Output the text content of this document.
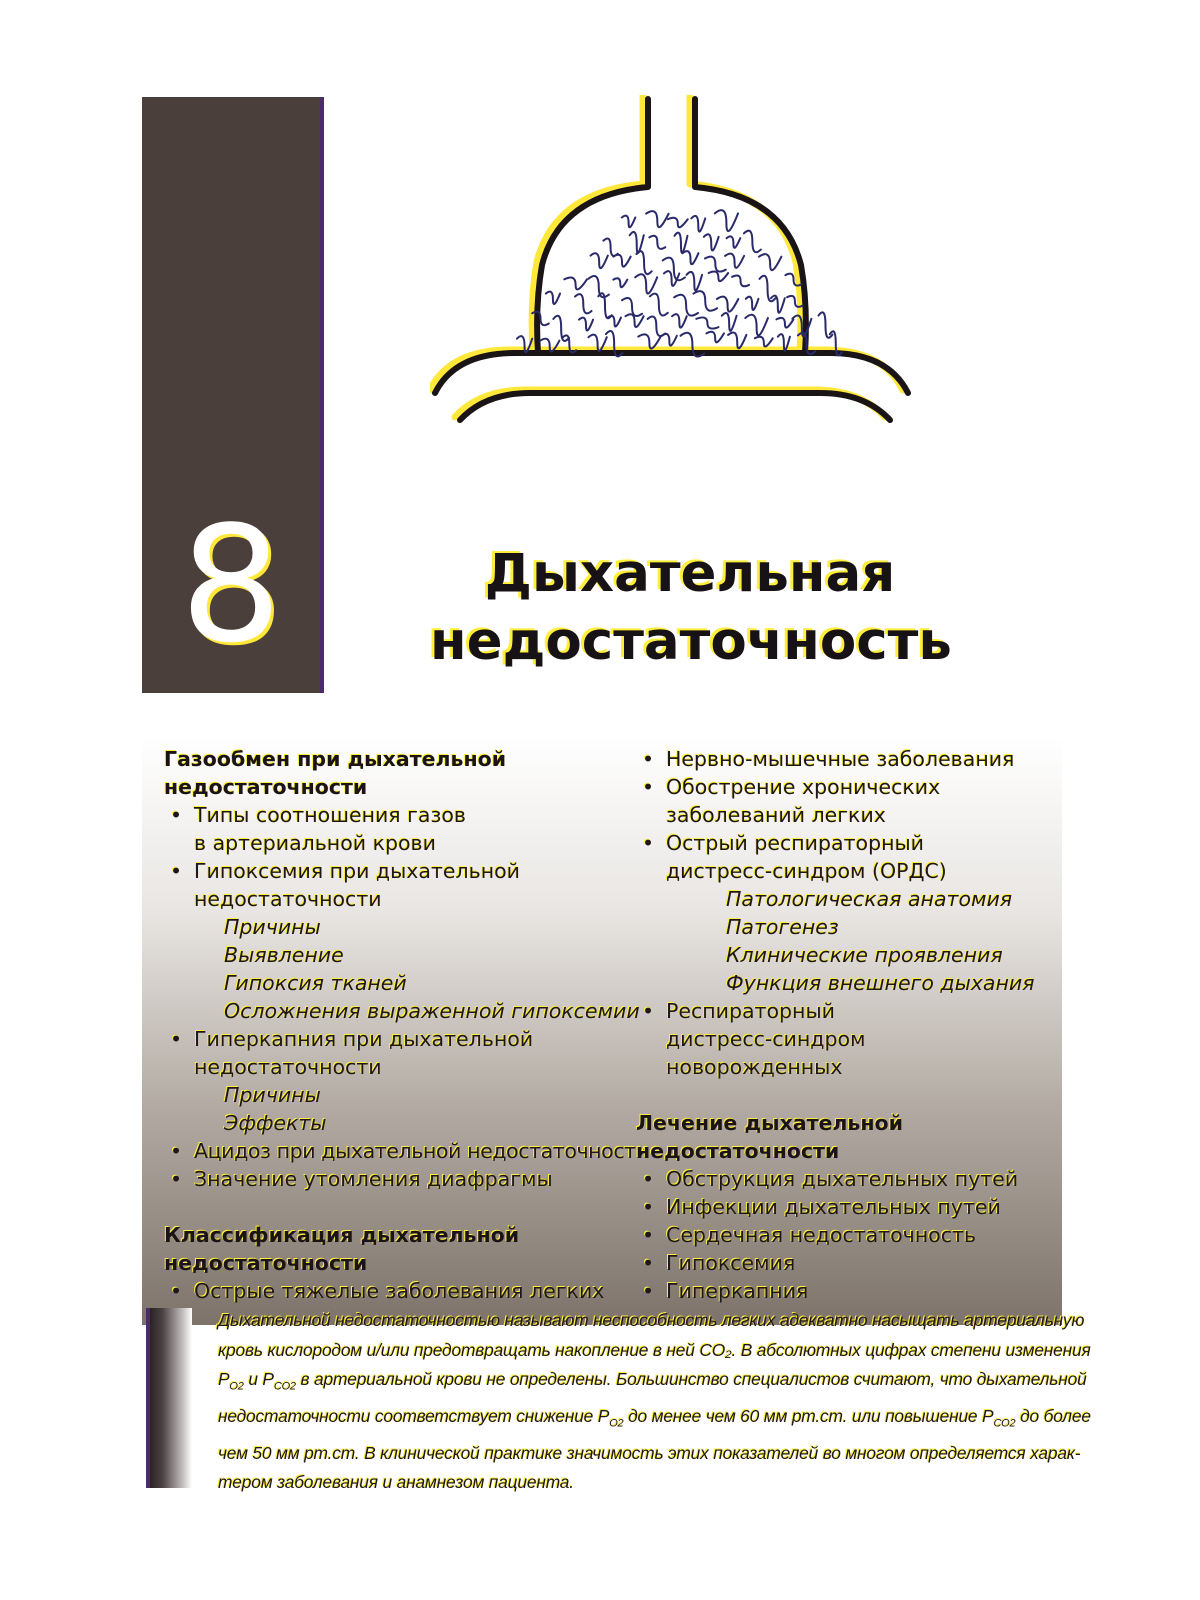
8	Дыхательная
недостаточность
Газообмен при дыхательной
недостаточности
• Типы соотношения газов
в артериальной крови
• Гипоксемия при дыхательной
недостаточности
Причины
Выявление
Гипоксия тканей
Осложнения выраженной гипоксемии
• Гиперкапния при дыхательной
недостаточности
Причины
Эффекты
• Ацидоз при дыхательной недостаточности
• Значение утомления диафрагмы
Классификация дыхательной
недостаточности
• Острые тяжелые заболевания легких
• Нервно-мышечные заболевания
• Обострение хронических
заболеваний легких
• Острый респираторный
дистресс-синдром (ОРДС)
Патологическая анатомия
Патогенез
Клинические проявления
Функция внешнего дыхания
• Респираторный
дистресс-синдром
новорожденных
Лечение дыхательной
недостаточности
• Обструкция дыхательных путей
• Инфекции дыхательных путей
• Сердечная недостаточность
• Гипоксемия
• Гиперкапния
Дыхательной недостаточностью называют неспособность легких адекватно насыщать артериальную
кровь кислородом и/или предотвращать накопление в ней CO₂. В абсолютных цифрах степени изменения
$P_{O2}$ и $P_{CO2}$ в артериальной крови не определены. Большинство специалистов считают, что дыхательной
недостаточности соответствует снижение $P_{O2}$ до менее чем 60 мм рт.ст. или повышение $P_{CO2}$ до более
чем 50 мм рт.ст. В клинической практике значимость этих показателей во многом определяется харак-
тером заболевания и анамнезом пациента.
